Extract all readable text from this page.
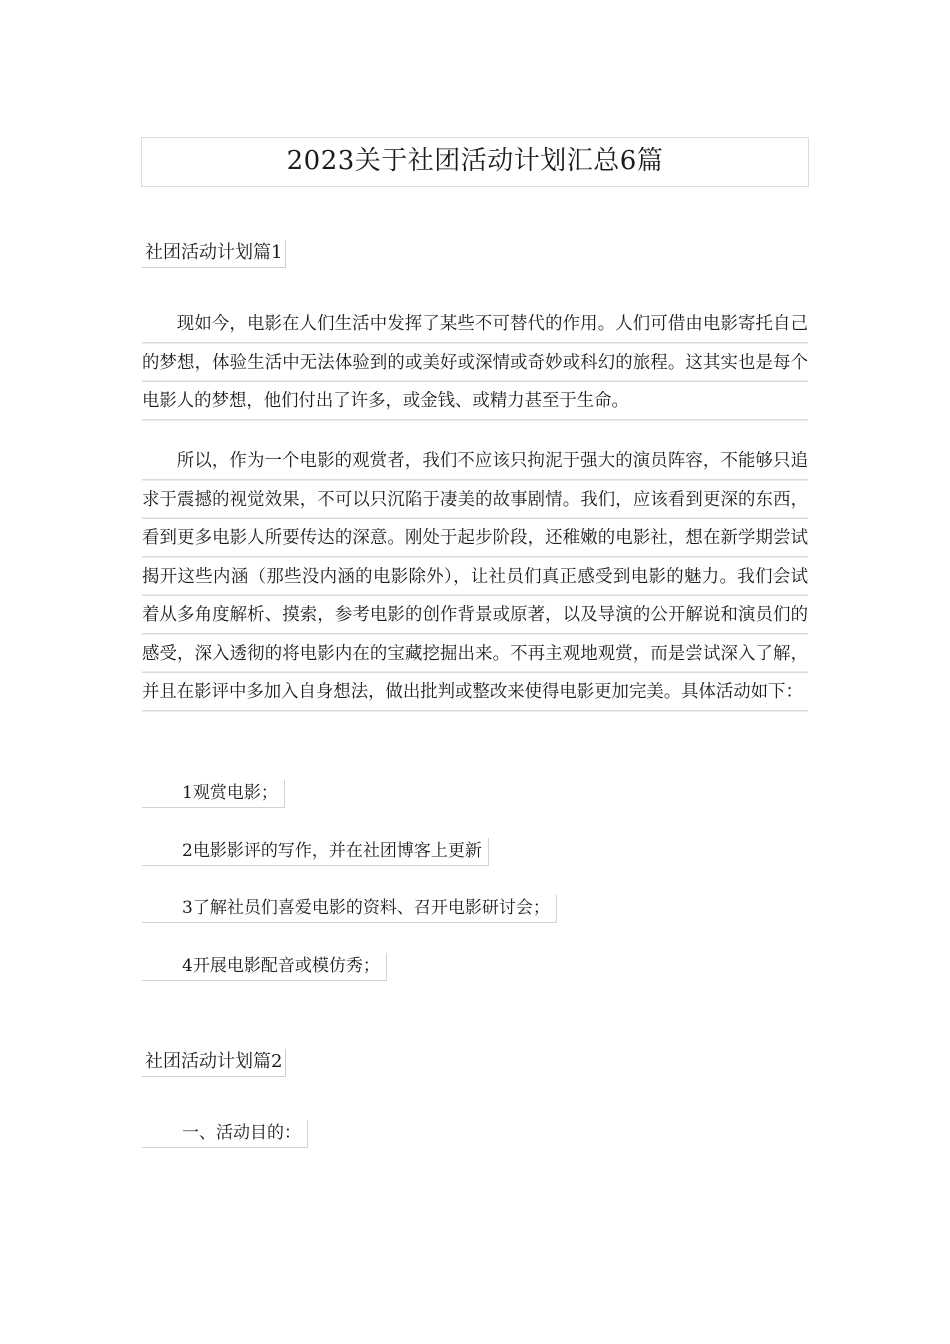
2023关于社团活动计划汇总6篇
社团活动计划篇1
现如今，电影在人们生活中发挥了某些不可替代的作用。人们可借由电影寄托自己的梦想，体验生活中无法体验到的或美好或深情或奇妙或科幻的旅程。这其实也是每个电影人的梦想，他们付出了许多，或金钱、或精力甚至于生命。
所以，作为一个电影的观赏者，我们不应该只拘泥于强大的演员阵容，不能够只追求于震撼的视觉效果，不可以只沉陷于凄美的故事剧情。我们，应该看到更深的东西，看到更多电影人所要传达的深意。刚处于起步阶段，还稚嫩的电影社，想在新学期尝试揭开这些内涵（那些没内涵的电影除外），让社员们真正感受到电影的魅力。我们会试着从多角度解析、摸索，参考电影的创作背景或原著，以及导演的公开解说和演员们的感受，深入透彻的将电影内在的宝藏挖掘出来。不再主观地观赏，而是尝试深入了解，并且在影评中多加入自身想法，做出批判或整改来使得电影更加完美。具体活动如下：
1观赏电影；
2电影影评的写作，并在社团博客上更新
3了解社员们喜爱电影的资料、召开电影研讨会；
4开展电影配音或模仿秀；
社团活动计划篇2
一、活动目的：
